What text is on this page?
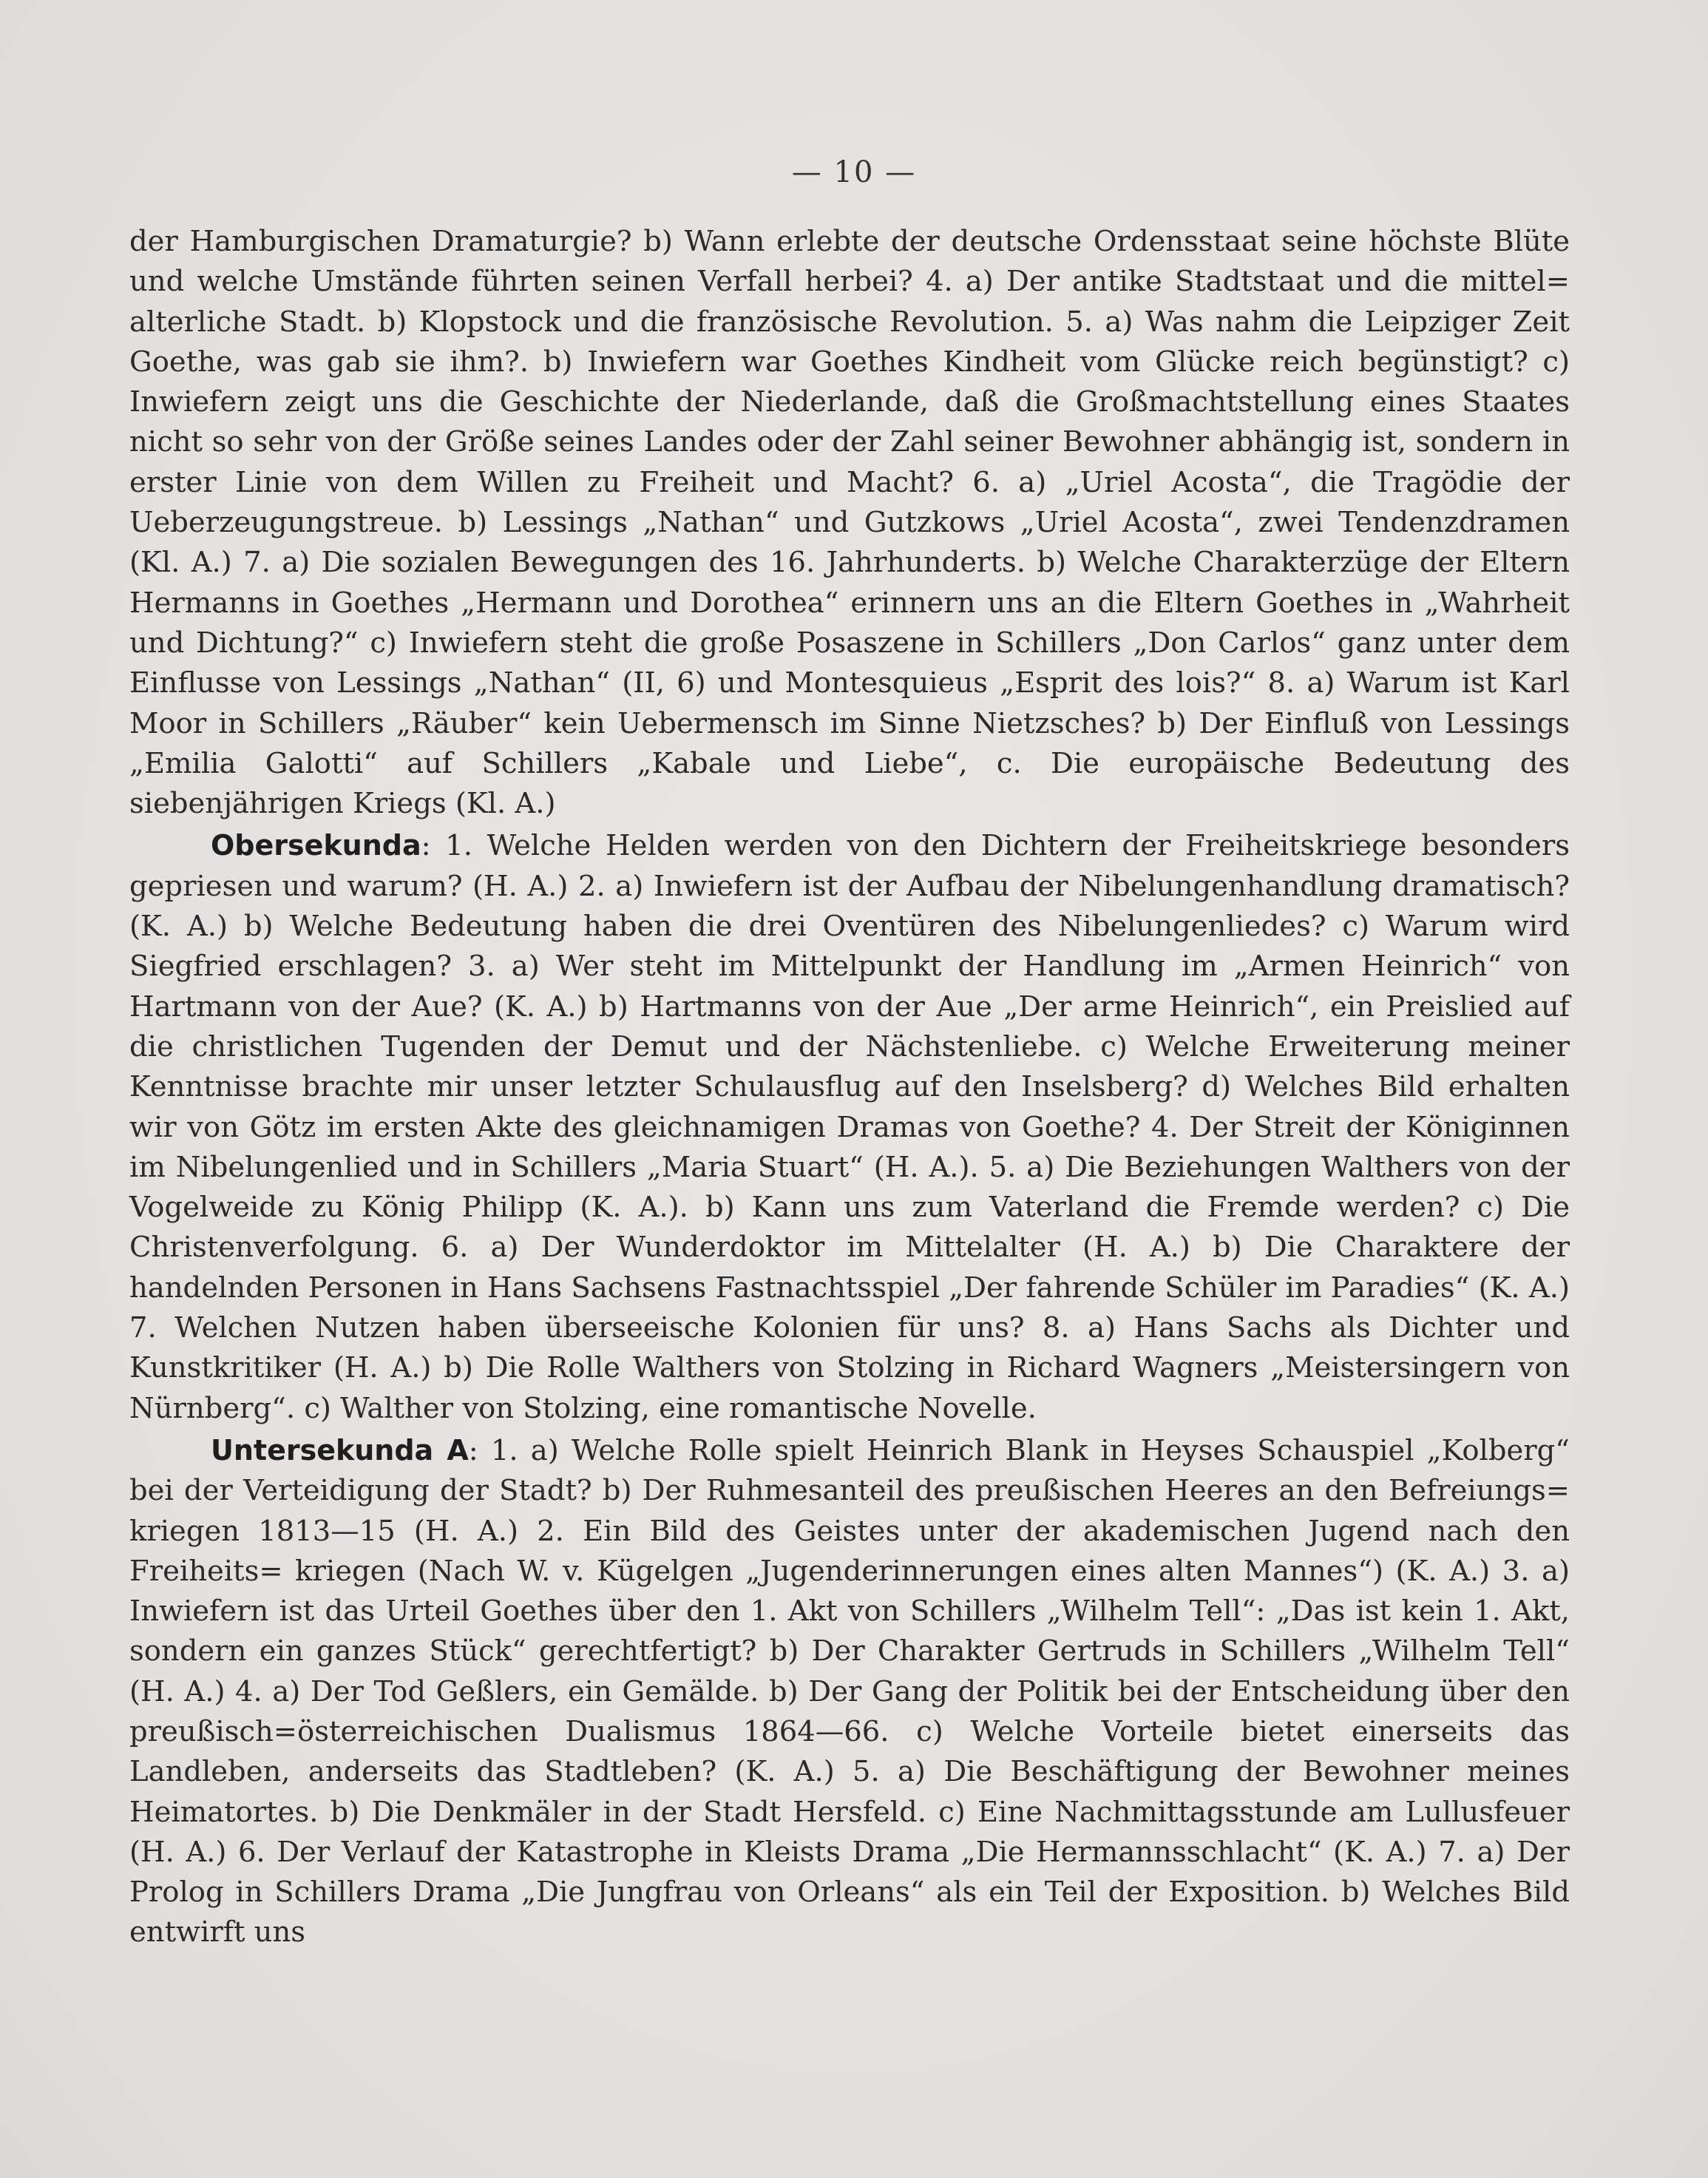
— 10 —

der Hamburgischen Dramaturgie? b) Wann erlebte der deutsche Ordensstaat seine höchste Blüte und welche Umstände führten seinen Verfall herbei? 4. a) Der antike Stadtstaat und die mittel= alterliche Stadt. b) Klopstock und die französische Revolution. 5. a) Was nahm die Leipziger Zeit Goethe, was gab sie ihm?. b) Inwiefern war Goethes Kindheit vom Glücke reich begünstigt? c) Inwiefern zeigt uns die Geschichte der Niederlande, daß die Großmachtstellung eines Staates nicht so sehr von der Größe seines Landes oder der Zahl seiner Bewohner abhängig ist, sondern in erster Linie von dem Willen zu Freiheit und Macht? 6. a) „Uriel Acosta“, die Tragödie der Ueberzeugungstreue. b) Lessings „Nathan“ und Gutzkows „Uriel Acosta“, zwei Tendenzdramen (Kl. A.) 7. a) Die sozialen Bewegungen des 16. Jahrhunderts. b) Welche Charakterzüge der Eltern Hermanns in Goethes „Hermann und Dorothea“ erinnern uns an die Eltern Goethes in „Wahrheit und Dichtung?“ c) Inwiefern steht die große Posaszene in Schillers „Don Carlos“ ganz unter dem Einflusse von Lessings „Nathan“ (II, 6) und Montesquieus „Esprit des lois?“ 8. a) Warum ist Karl Moor in Schillers „Räuber“ kein Uebermensch im Sinne Nietzsches? b) Der Einfluß von Lessings „Emilia Galotti“ auf Schillers „Kabale und Liebe“, c. Die europäische Bedeutung des siebenjährigen Kriegs (Kl. A.)

Obersekunda: 1. Welche Helden werden von den Dichtern der Freiheitskriege besonders gepriesen und warum? (H. A.) 2. a) Inwiefern ist der Aufbau der Nibelungenhandlung dramatisch? (K. A.) b) Welche Bedeutung haben die drei Oventüren des Nibelungenliedes? c) Warum wird Siegfried erschlagen? 3. a) Wer steht im Mittelpunkt der Handlung im „Armen Heinrich“ von Hartmann von der Aue? (K. A.) b) Hartmanns von der Aue „Der arme Heinrich“, ein Preislied auf die christlichen Tugenden der Demut und der Nächstenliebe. c) Welche Erweiterung meiner Kenntnisse brachte mir unser letzter Schulausflug auf den Inselsberg? d) Welches Bild erhalten wir von Götz im ersten Akte des gleichnamigen Dramas von Goethe? 4. Der Streit der Königinnen im Nibelungenlied und in Schillers „Maria Stuart“ (H. A.). 5. a) Die Beziehungen Walthers von der Vogelweide zu König Philipp (K. A.). b) Kann uns zum Vaterland die Fremde werden? c) Die Christenverfolgung. 6. a) Der Wunderdoktor im Mittelalter (H. A.) b) Die Charaktere der handelnden Personen in Hans Sachsens Fastnachtsspiel „Der fahrende Schüler im Paradies“ (K. A.) 7. Welchen Nutzen haben überseeische Kolonien für uns? 8. a) Hans Sachs als Dichter und Kunstkritiker (H. A.) b) Die Rolle Walthers von Stolzing in Richard Wagners „Meistersingern von Nürnberg“. c) Walther von Stolzing, eine romantische Novelle.

Untersekunda A: 1. a) Welche Rolle spielt Heinrich Blank in Heyses Schauspiel „Kolberg“ bei der Verteidigung der Stadt? b) Der Ruhmesanteil des preußischen Heeres an den Befreiungs= kriegen 1813—15 (H. A.) 2. Ein Bild des Geistes unter der akademischen Jugend nach den Freiheits= kriegen (Nach W. v. Kügelgen „Jugenderinnerungen eines alten Mannes“) (K. A.) 3. a) Inwiefern ist das Urteil Goethes über den 1. Akt von Schillers „Wilhelm Tell“: „Das ist kein 1. Akt, sondern ein ganzes Stück“ gerechtfertigt? b) Der Charakter Gertruds in Schillers „Wilhelm Tell“ (H. A.) 4. a) Der Tod Geßlers, ein Gemälde. b) Der Gang der Politik bei der Entscheidung über den preußisch=österreichischen Dualismus 1864—66. c) Welche Vorteile bietet einerseits das Landleben, anderseits das Stadtleben? (K. A.) 5. a) Die Beschäftigung der Bewohner meines Heimatortes. b) Die Denkmäler in der Stadt Hersfeld. c) Eine Nachmittagsstunde am Lullusfeuer (H. A.) 6. Der Verlauf der Katastrophe in Kleists Drama „Die Hermannsschlacht“ (K. A.) 7. a) Der Prolog in Schillers Drama „Die Jungfrau von Orleans“ als ein Teil der Exposition. b) Welches Bild entwirft uns
